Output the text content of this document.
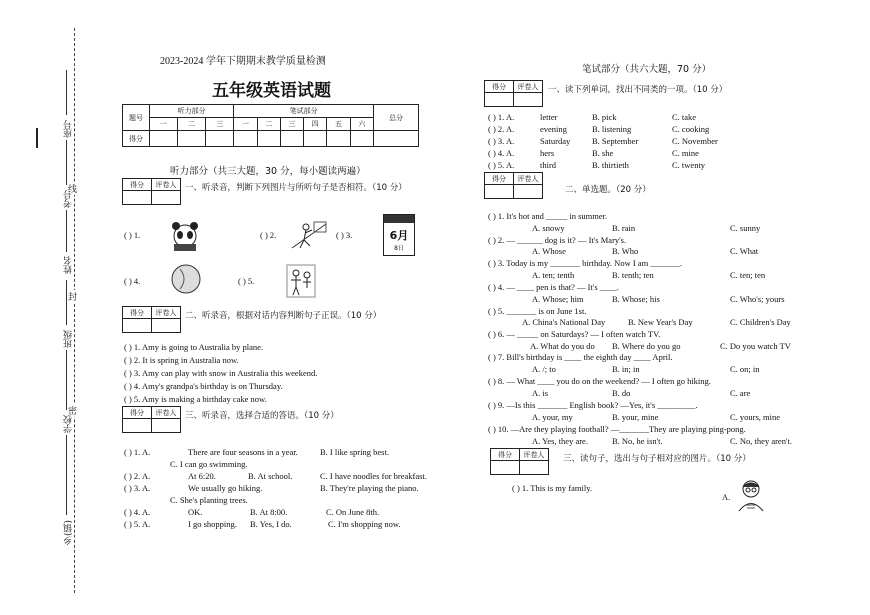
线
封
密
座号
考号
姓名
班级
学校
乡(镇)
2023-2024 学年下期期末教学质量检测
五年级英语试题
题号	听力部分			笔试部分						总分
	一	二	三	一	二	三	四	五	六	
得分										
听力部分（共三大题，30 分，每小题读两遍）
得分	评卷人
	一、听录音，判断下列图片与所听句子是否相符。（10 分）
( ) 1.	( ) 2.	( ) 3.	6月
8日
( ) 4.	( ) 5.
得分	评卷人
	二、听录音，根据对话内容判断句子正误。（10 分）
( ) 1. Amy is going to Australia by plane.
( ) 2. It is spring in Australia now.
( ) 3. Amy can play with snow in Australia this weekend.
( ) 4. Amy's grandpa's birthday is on Thursday.
( ) 5. Amy is making a birthday cake now.
得分	评卷人
	三、听录音，选择合适的答语。（10 分）
( ) 1. A.	There are four seasons in a year.	B. I like spring best.
C. I can go swimming.
( ) 2. A.	At 6:20.	B. At school.	C. I have noodles for breakfast.
( ) 3. A.	We usually go hiking.	B. They're playing the piano.
C. She's planting trees.
( ) 4. A.	OK.	B. At 8:00.	C. On June 8th.
( ) 5. A.	I go shopping. B. Yes, I do.	C. I'm shopping now.
笔试部分（共六大题，70 分）
得分	评卷人
	一、读下列单词，找出不同类的一项。（10 分）
( ) 1. A.	letter	B. pick	C. take
( ) 2. A.	evening	B. listening	C. cooking
( ) 3. A.	Saturday	B. September	C. November
( ) 4. A.	hers	B. she	C. mine
( ) 5. A.	third	B. thirtieth	C. twenty
得分	评卷人

二、单选题。（20 分）
( ) 1. It's hot and _____ in summer.
A. snowy	B. rain	C. sunny
( ) 2. — ______ dog is it? — It's Mary's.
A. Whose	B. Who	C. What
( ) 3. Today is my _______ birthday. Now I am _______.
A. ten; tenth	B. tenth; ten	C. ten; ten
( ) 4. — ____ pen is that? — It's ____.
A. Whose; him	B. Whose; his	C. Who's; yours
( ) 5. _______ is on June 1st.
A. China's National Day	B. New Year's Day	C. Children's Day
( ) 6. — _____ on Saturdays? — I often watch TV.
A. What do you do B. Where do you go	C. Do you watch TV
( ) 7. Bill's birthday is ____ the eighth day ____ April.
A. /; to	B. in; in	C. on; in
( ) 8. — What ____ you do on the weekend? — I often go hiking.
A. is	B. do	C. are
( ) 9. —Is this _______ English book? —Yes, it's _________.
A. your, my	B. your, mine	C. yours, mine
( ) 10. —Are they playing football? —_______They are playing ping-pong.
A. Yes, they are.	B. No, he isn't.	C. No, they aren't.
得分	评卷人
	三、读句子，选出与句子相对应的图片。（10 分）
( ) 1. This is my family.
A.
